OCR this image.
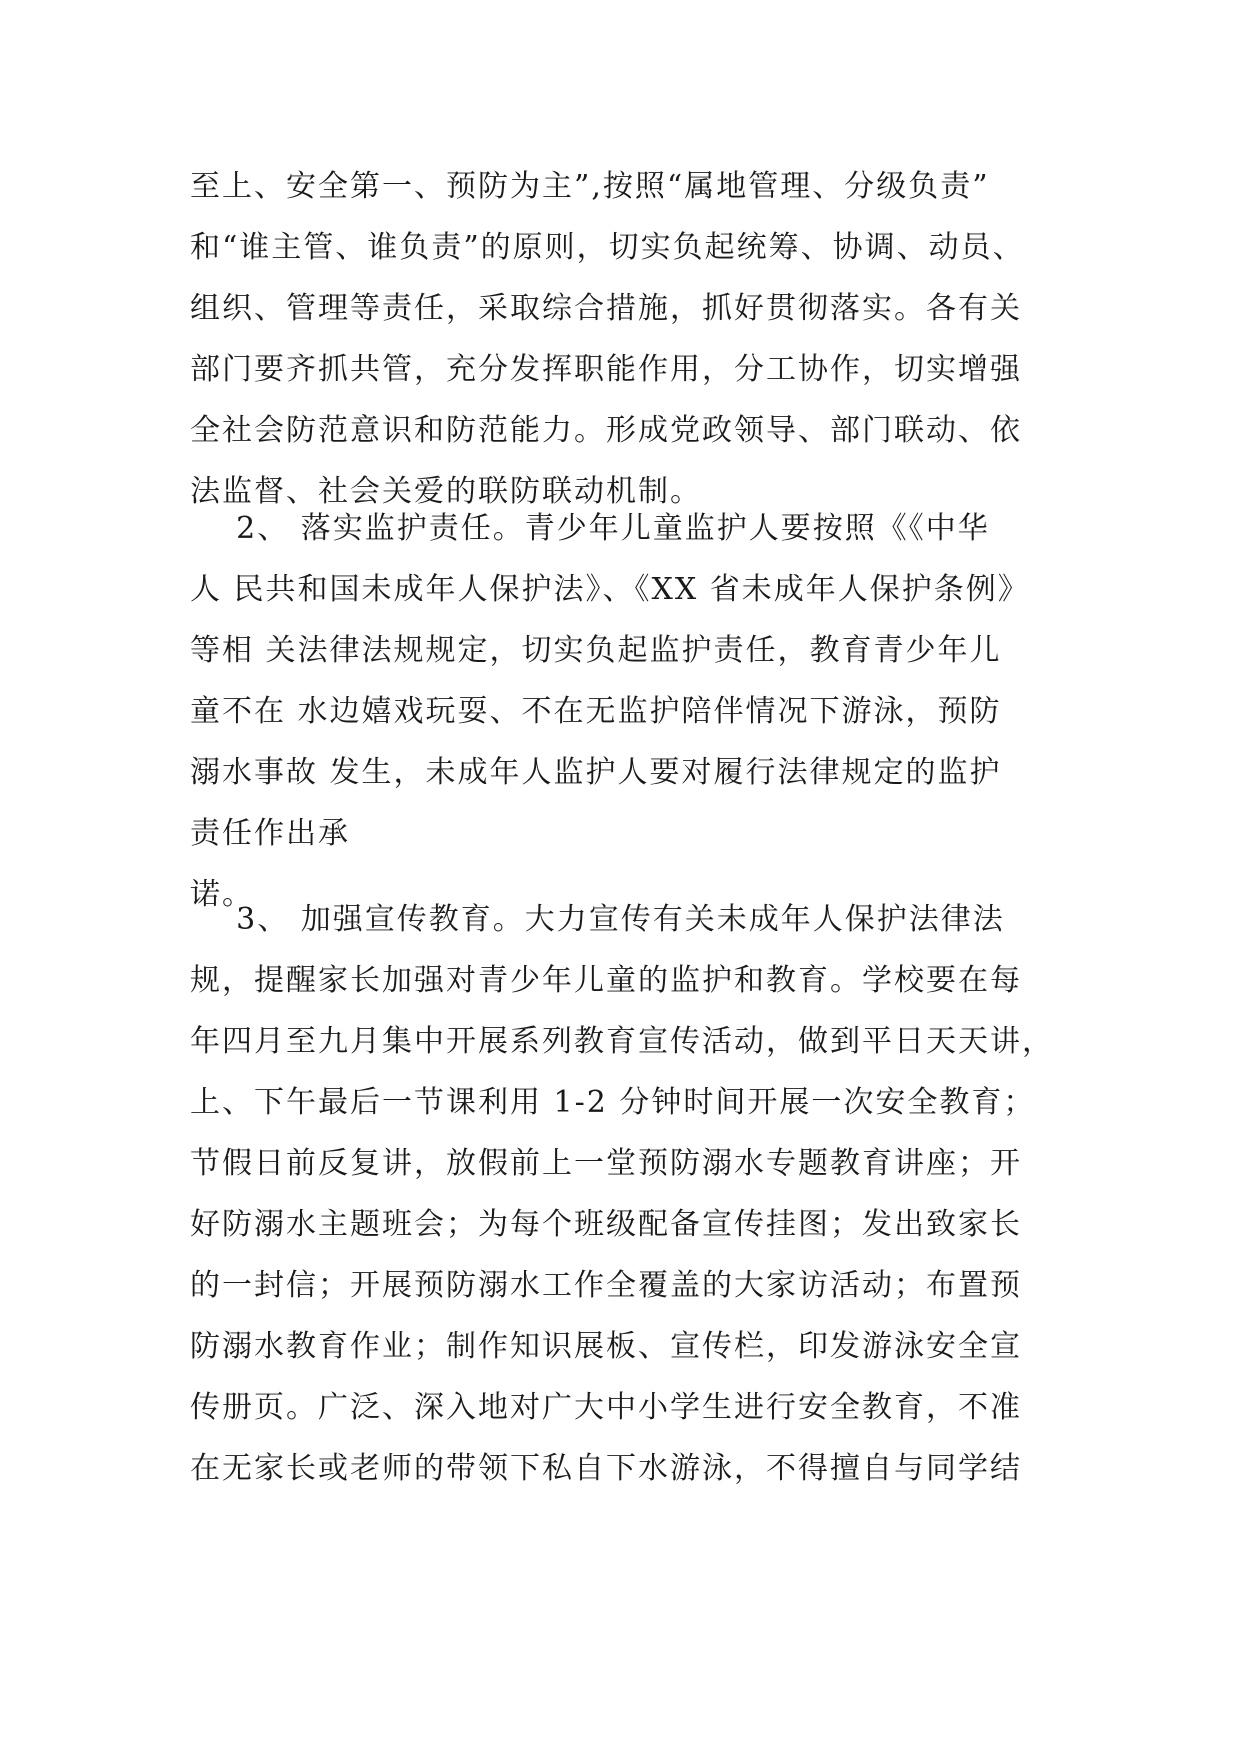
至上、安全第一、预防为主”,按照“属地管理、分级负责”
和“谁主管、谁负责”的原则，切实负起统筹、协调、动员、
组织、管理等责任，采取综合措施，抓好贯彻落实。各有关
部门要齐抓共管，充分发挥职能作用，分工协作，切实增强
全社会防范意识和防范能力。形成党政领导、部门联动、依
法监督、社会关爱的联防联动机制。
2、 落实监护责任。青少年儿童监护人要按照《《中华
人 民共和国未成年人保护法》、《XX 省未成年人保护条例》
等相 关法律法规规定，切实负起监护责任，教育青少年儿
童不在 水边嬉戏玩耍、不在无监护陪伴情况下游泳，预防
溺水事故 发生，未成年人监护人要对履行法律规定的监护
责任作出承
诺。
3、 加强宣传教育。大力宣传有关未成年人保护法律法
规，提醒家长加强对青少年儿童的监护和教育。学校要在每
年四月至九月集中开展系列教育宣传活动，做到平日天天讲，
上、下午最后一节课利用 1-2 分钟时间开展一次安全教育；
节假日前反复讲，放假前上一堂预防溺水专题教育讲座；开
好防溺水主题班会；为每个班级配备宣传挂图；发出致家长
的一封信；开展预防溺水工作全覆盖的大家访活动；布置预
防溺水教育作业；制作知识展板、宣传栏，印发游泳安全宣
传册页。广泛、深入地对广大中小学生进行安全教育，不准
在无家长或老师的带领下私自下水游泳，不得擅自与同学结
